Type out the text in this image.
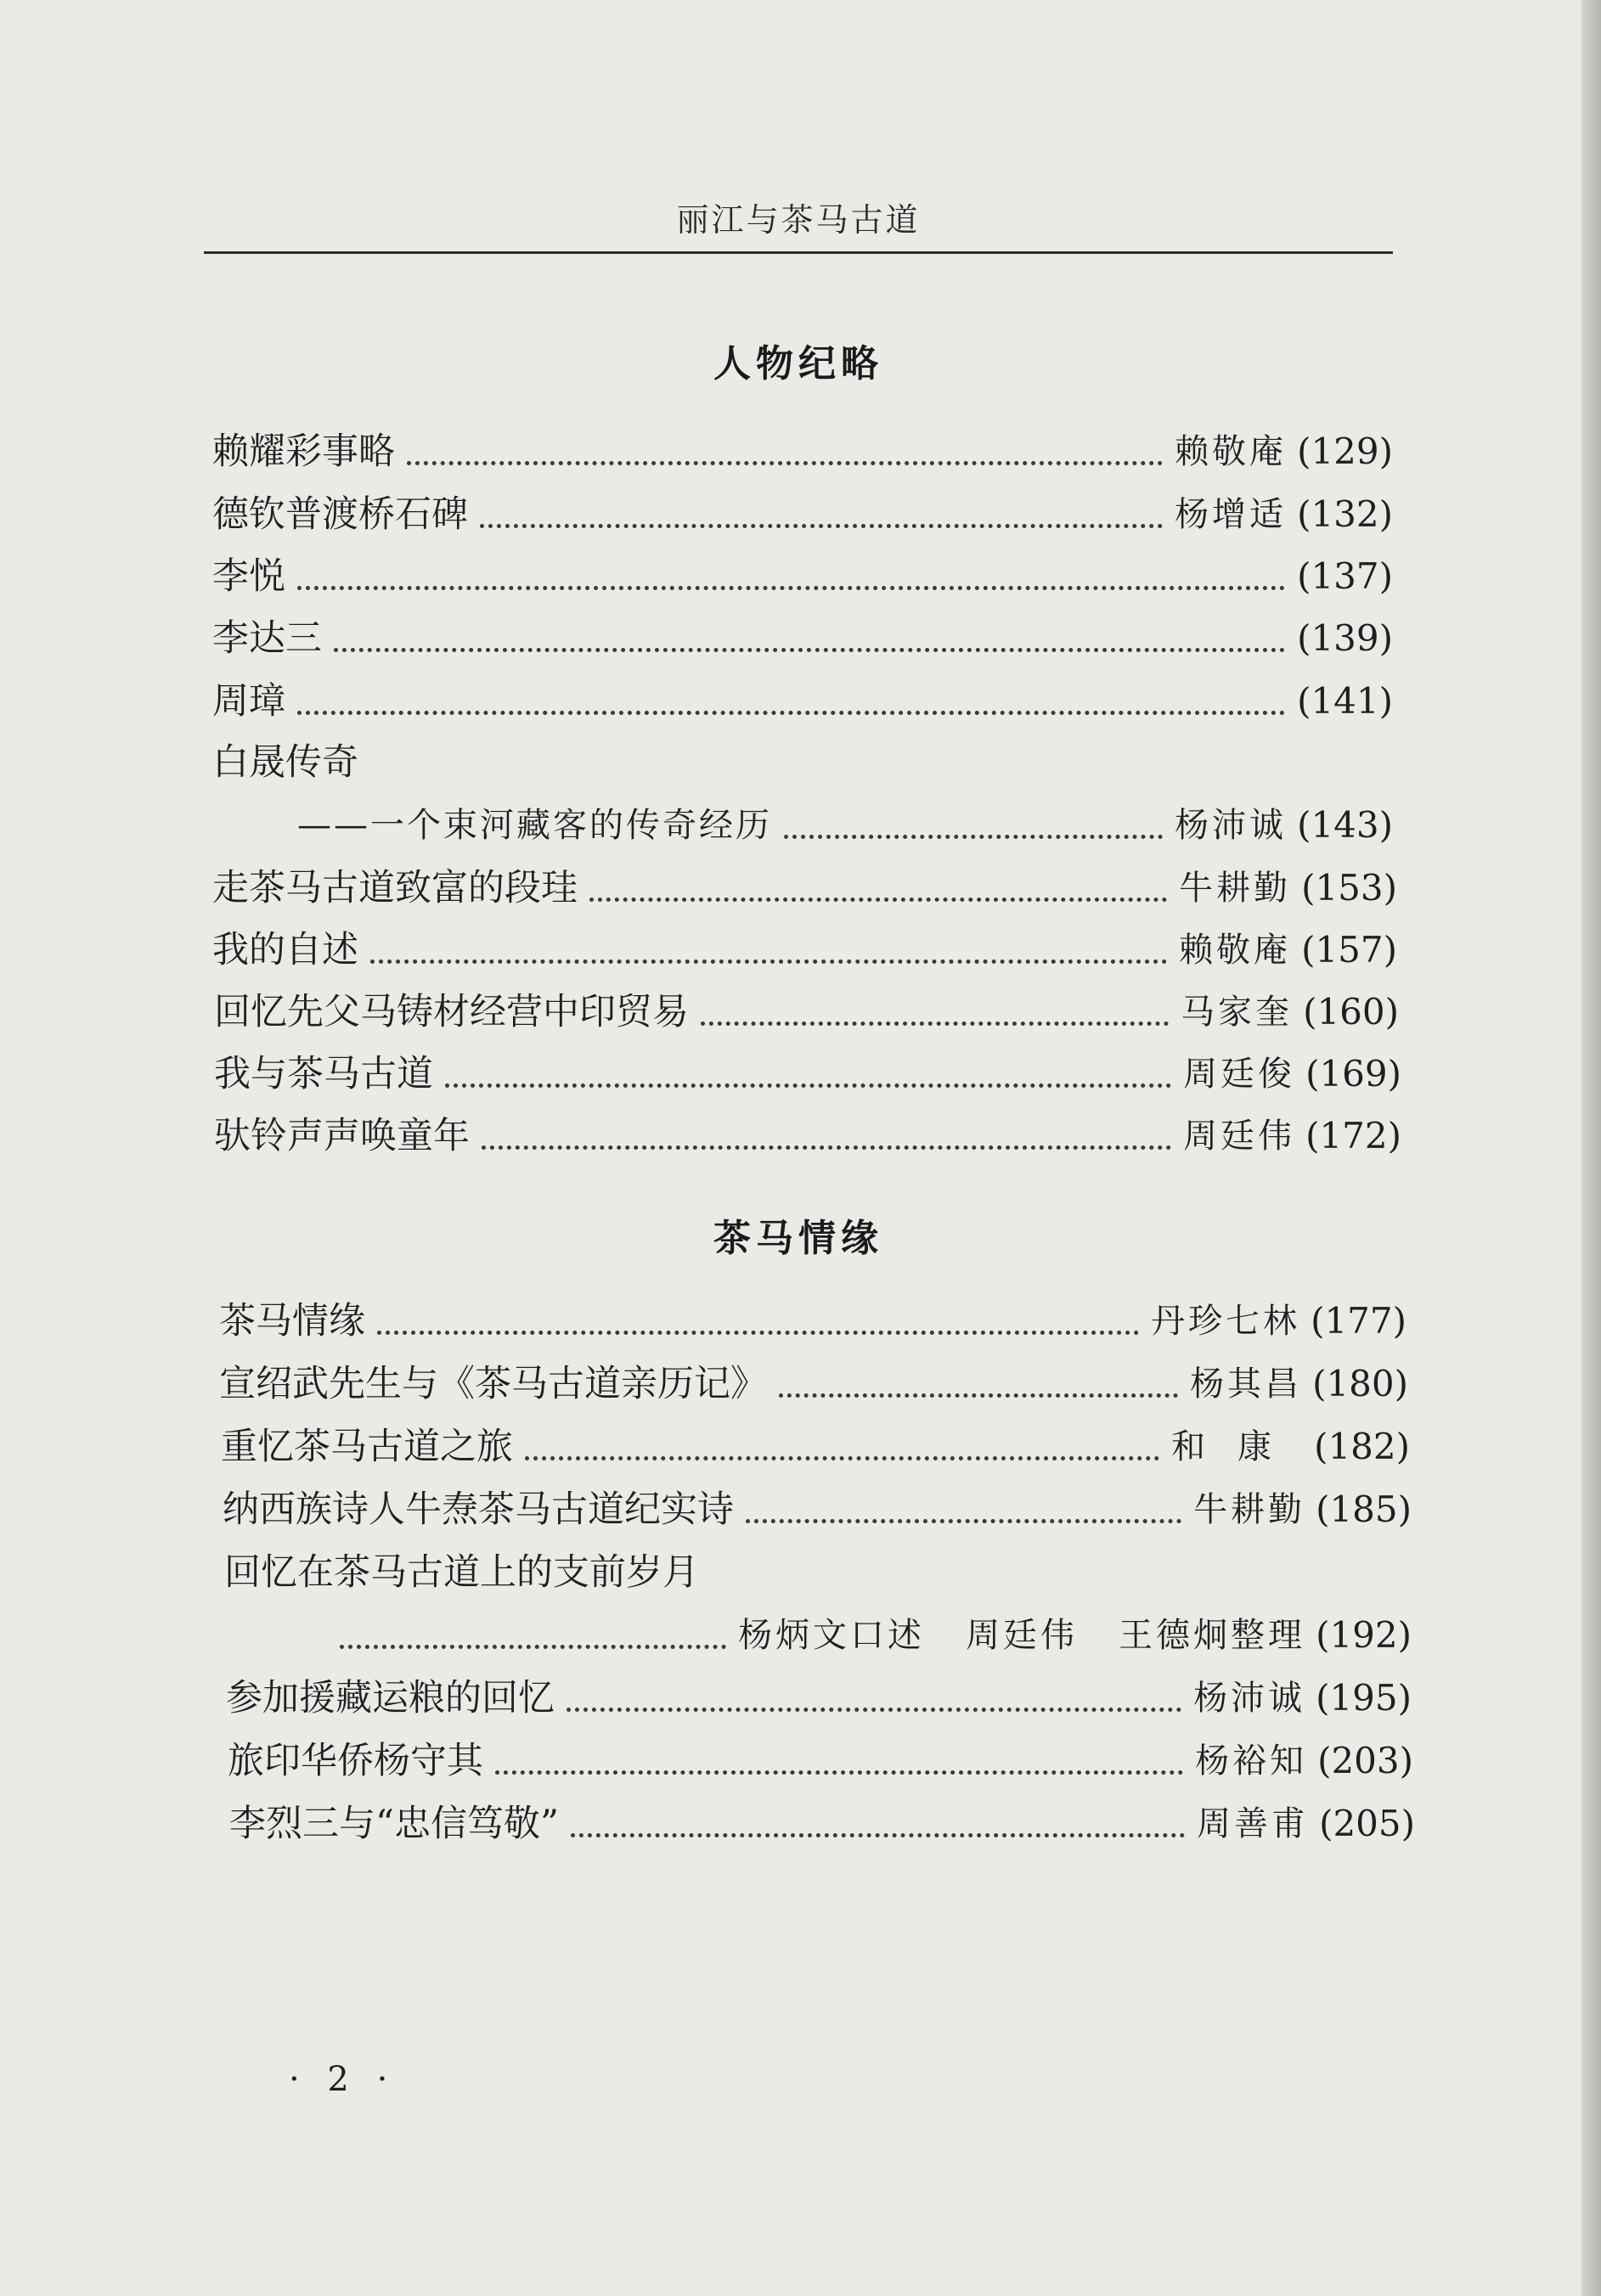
丽江与茶马古道
人物纪略
赖耀彩事略	赖敬庵 (129)
德钦普渡桥石碑	杨增适 (132)
李悦	(137)
李达三	(139)
周璋	(141)
白晟传奇
——一个束河藏客的传奇经历	杨沛诚 (143)
走茶马古道致富的段珪	牛耕勤 (153)
我的自述	赖敬庵 (157)
回忆先父马铸材经营中印贸易	马家奎 (160)
我与茶马古道	周廷俊 (169)
驮铃声声唤童年	周廷伟 (172)
茶马情缘
茶马情缘	丹珍七林 (177)
宣绍武先生与《茶马古道亲历记》	杨其昌 (180)
重忆茶马古道之旅	和康 (182)
纳西族诗人牛焘茶马古道纪实诗	牛耕勤 (185)
回忆在茶马古道上的支前岁月
杨炳文口述 周廷伟 王德炯整理 (192)
参加援藏运粮的回忆	杨沛诚 (195)
旅印华侨杨守其	杨裕知 (203)
李烈三与“忠信笃敬”	周善甫 (205)
· 2 ·
